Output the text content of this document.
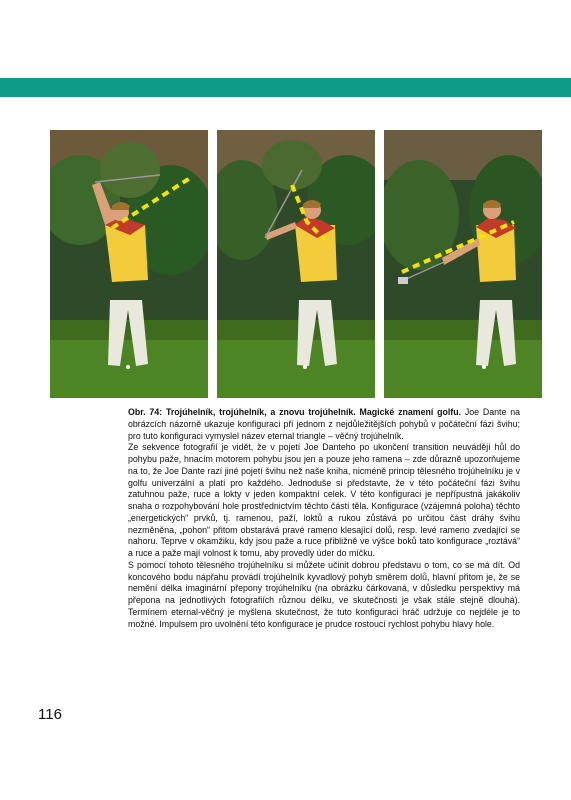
Obr. 74: Trojúhelník, trojúhelník, a znovu trojúhelník. Magické znamení golfu. Joe Dante na obrázcích názorně ukazuje konfiguraci při jednom z nejdůležitějších pohybů v počáteční fázi švihu; pro tuto konfiguraci vymyslel název eternal triangle – věčný trojúhelník.

Ze sekvence fotografií je vidět, že v pojetí Joe Danteho po ukončení transition neuvádějí hůl do pohybu paže, hnacím motorem pohybu jsou jen a pouze jeho ramena – zde důrazně upozorňujeme na to, že Joe Dante razí jiné pojetí švihu než naše kniha, nicméně princip tělesného trojúhelníku je v golfu univerzální a platí pro každého. Jednoduše si představte, že v této počáteční fázi švihu zatuhnou paže, ruce a lokty v jeden kompaktní celek. V této konfiguraci je nepřípustná jakákoliv snaha o rozpohybování hole prostřednictvím těchto částí těla. Konfigurace (vzájemná poloha) těchto „energetických“ prvků, tj. ramenou, paží, loktů a rukou zůstává po určitou část dráhy švihu nezměněna, „pohon“ přitom obstarává pravé rameno klesající dolů, resp. levé rameno zvedající se nahoru. Teprve v okamžiku, kdy jsou paže a ruce přibližně ve výšce boků tato konfigurace „roztává“ a ruce a paže mají volnost k tomu, aby provedly úder do míčku.

S pomocí tohoto tělesného trojúhelníku si můžete učinit dobrou představu o tom, co se má dít. Od koncového bodu nápřahu provádí trojúhelník kyvadlový pohyb směrem dolů, hlavní přitom je, že se nemění délka imaginární přepony trojúhelníku (na obrázku čárkovaná, v důsledku perspektivy má přepona na jednotlivých fotografiích různou délku, ve skutečnosti je však stále stejně dlouhá). Termínem eternal-věčný je myšlena skutečnost, že tuto konfiguraci hráč udržuje co nejdéle je to možné. Impulsem pro uvolnění této konfigurace je prudce rostoucí rychlost pohybu hlavy hole.

116
